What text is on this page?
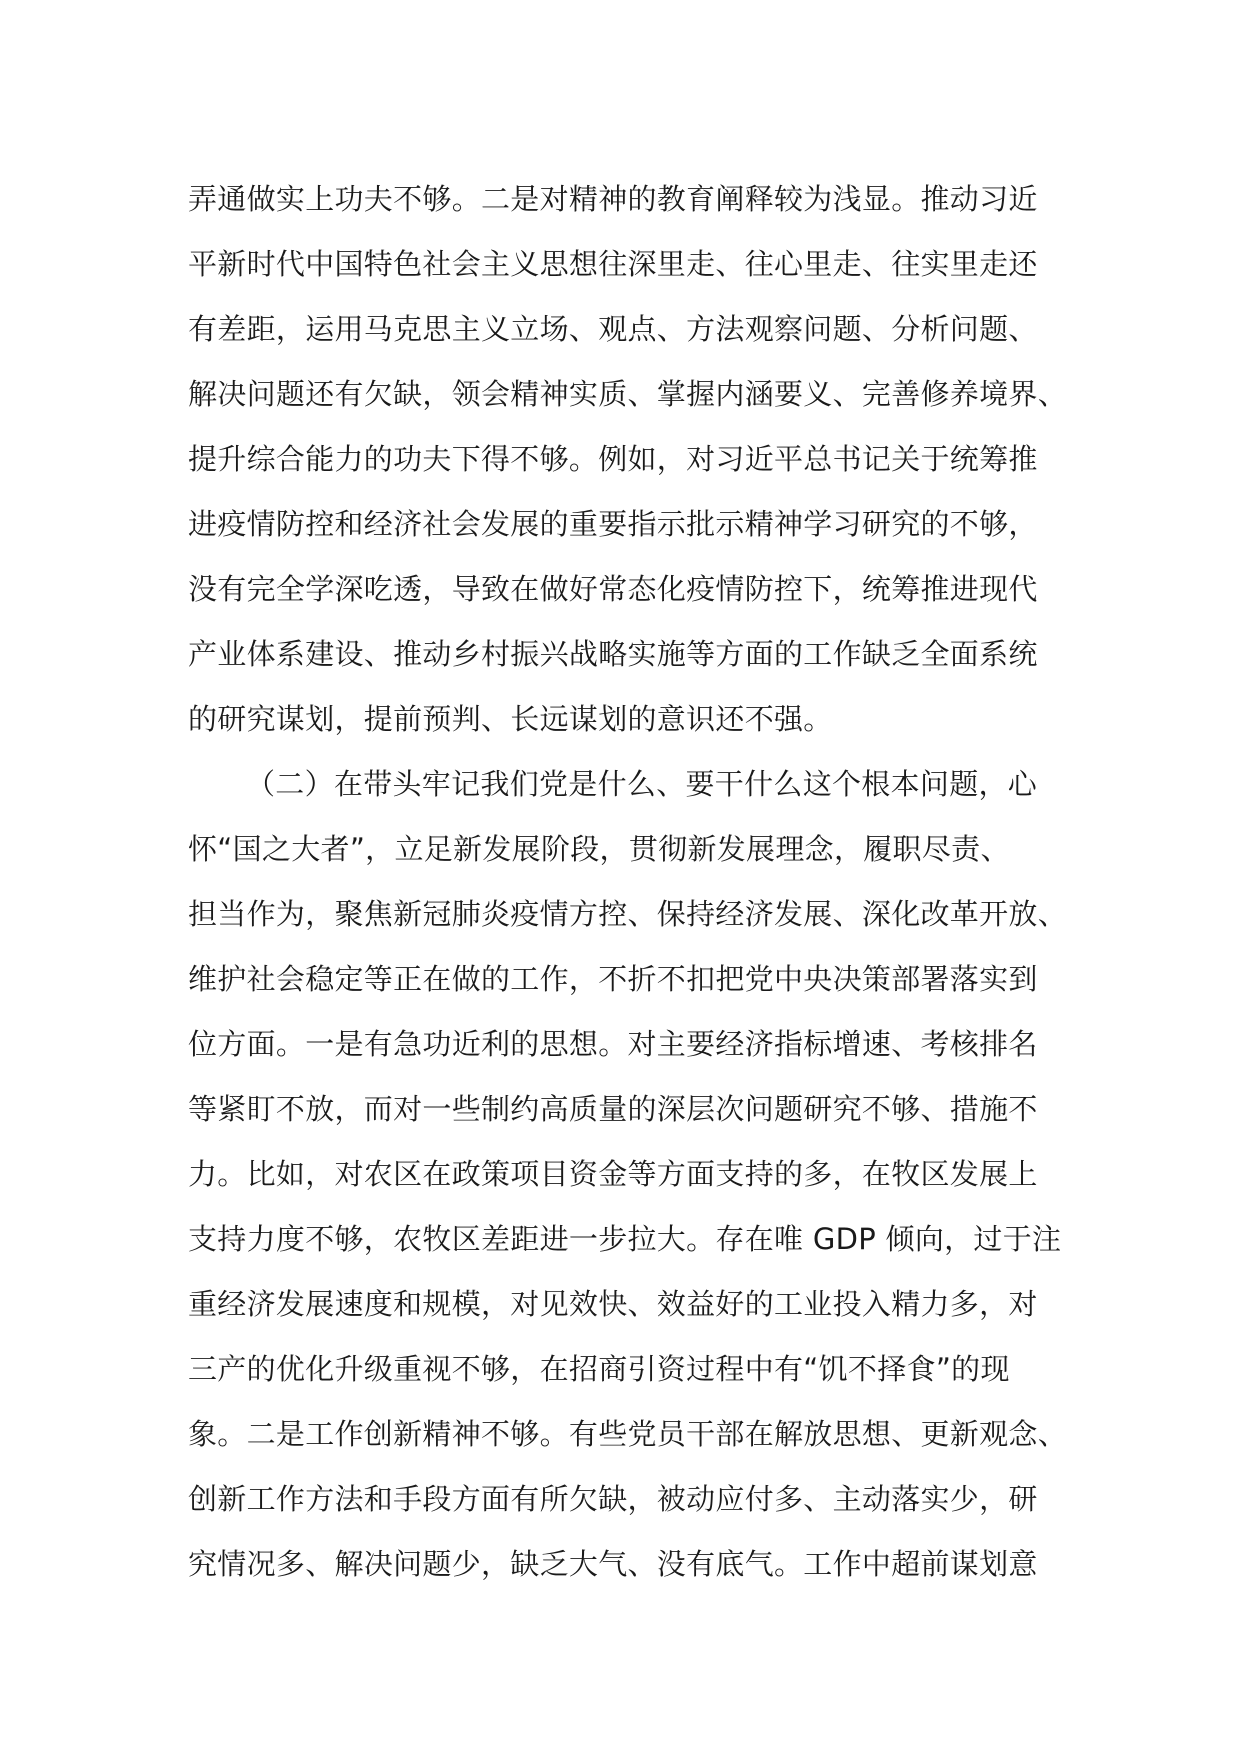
弄通做实上功夫不够。二是对精神的教育阐释较为浅显。推动习近
平新时代中国特色社会主义思想往深里走、往心里走、往实里走还
有差距，运用马克思主义立场、观点、方法观察问题、分析问题、
解决问题还有欠缺，领会精神实质、掌握内涵要义、完善修养境界、
提升综合能力的功夫下得不够。例如，对习近平总书记关于统筹推
进疫情防控和经济社会发展的重要指示批示精神学习研究的不够，
没有完全学深吃透，导致在做好常态化疫情防控下，统筹推进现代
产业体系建设、推动乡村振兴战略实施等方面的工作缺乏全面系统
的研究谋划，提前预判、长远谋划的意识还不强。
（二）在带头牢记我们党是什么、要干什么这个根本问题，心
怀“国之大者”，立足新发展阶段，贯彻新发展理念，履职尽责、
担当作为，聚焦新冠肺炎疫情方控、保持经济发展、深化改革开放、
维护社会稳定等正在做的工作，不折不扣把党中央决策部署落实到
位方面。一是有急功近利的思想。对主要经济指标增速、考核排名
等紧盯不放，而对一些制约高质量的深层次问题研究不够、措施不
力。比如，对农区在政策项目资金等方面支持的多，在牧区发展上
支持力度不够，农牧区差距进一步拉大。存在唯 GDP 倾向，过于注
重经济发展速度和规模，对见效快、效益好的工业投入精力多，对
三产的优化升级重视不够，在招商引资过程中有“饥不择食”的现
象。二是工作创新精神不够。有些党员干部在解放思想、更新观念、
创新工作方法和手段方面有所欠缺，被动应付多、主动落实少，研
究情况多、解决问题少，缺乏大气、没有底气。工作中超前谋划意
